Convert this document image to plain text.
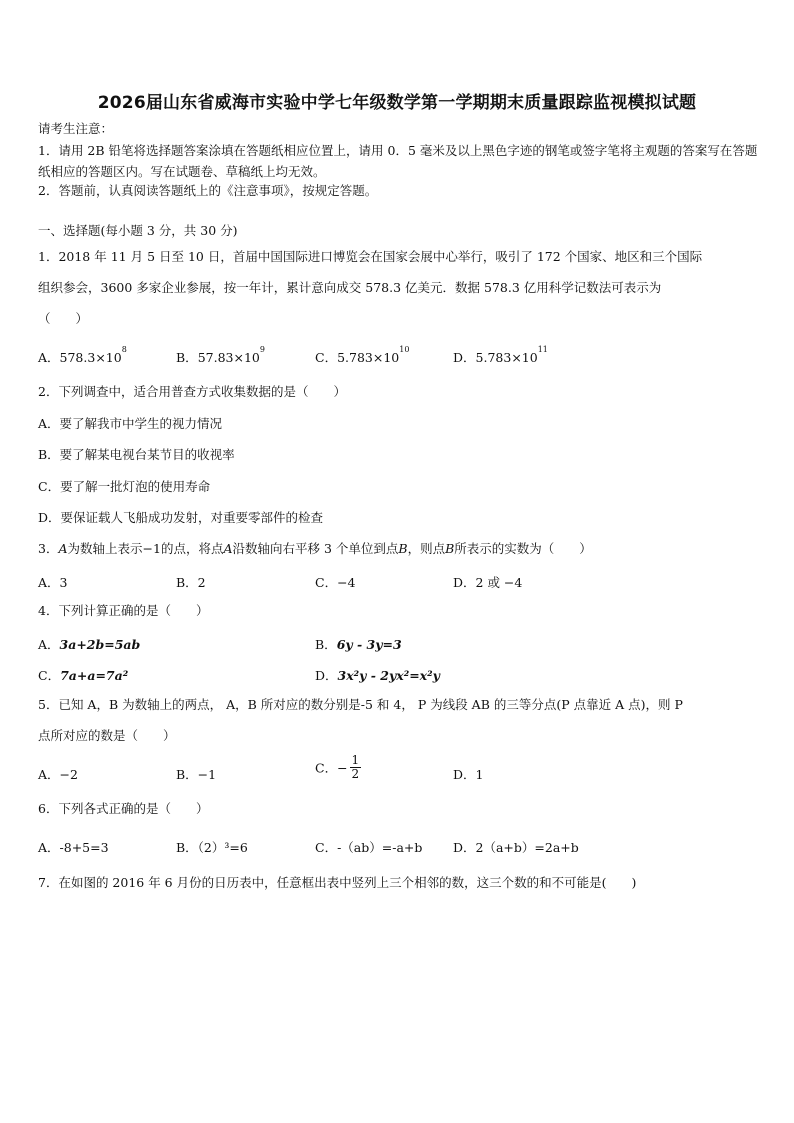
2026届山东省威海市实验中学七年级数学第一学期期末质量跟踪监视模拟试题
请考生注意：
1．请用 2B 铅笔将选择题答案涂填在答题纸相应位置上，请用 0．5 毫米及以上黑色字迹的钢笔或签字笔将主观题的答案写在答题纸相应的答题区内。写在试题卷、草稿纸上均无效。
2．答题前，认真阅读答题纸上的《注意事项》，按规定答题。
一、选择题(每小题 3 分，共 30 分)
1．2018 年 11 月 5 日至 10 日，首届中国国际进口博览会在国家会展中心举行，吸引了 172 个国家、地区和三个国际
组织参会，3600 多家企业参展，按一年计，累计意向成交 578.3 亿美元．数据 578.3 亿用科学记数法可表示为
（　　）
A．$578.3\times 10^8$
B．$57.83\times 10^9$
C．$5.783\times 10^{10}$
D．$5.783\times 10^{11}$
2．下列调查中，适合用普查方式收集数据的是（　　）
A．要了解我市中学生的视力情况
B．要了解某电视台某节目的收视率
C．要了解一批灯泡的使用寿命
D．要保证载人飞船成功发射，对重要零部件的检查
3．A为数轴上表示−1的点，将点A沿数轴向右平移 3 个单位到点B，则点B所表示的实数为（　　）
A．3	B．2	C．−4	D．2 或 −4
4．下列计算正确的是（　　）
A．3a+2b=5ab	B．6y - 3y=3
C．7a+a=7a²	D．3x²y - 2yx²=x²y
5．已知 A，B 为数轴上的两点， A，B 所对应的数分别是-5 和 4， P 为线段 AB 的三等分点(P 点靠近 A 点)，则 P
点所对应的数是（　　）
A．−2	B．−1	C．− $\frac{1}{2}$	D．1
6．下列各式正确的是（　　）
A．-8+5=3	B．（2）³=6	C．-（ab）=-a+b D．2（a+b）=2a+b
7．在如图的 2016 年 6 月份的日历表中，任意框出表中竖列上三个相邻的数，这三个数的和不可能是(　　)
